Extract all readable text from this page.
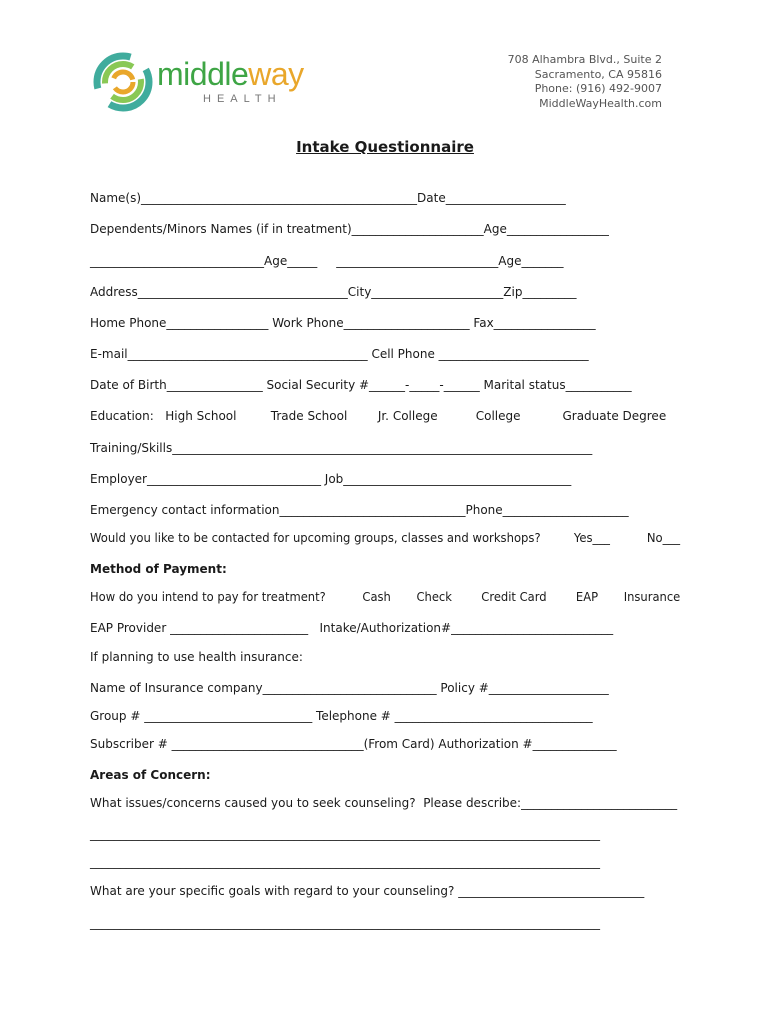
middleway
HEALTH
708 Alhambra Blvd., Suite 2
Sacramento, CA 95816
Phone: (916) 492-9007
MiddleWayHealth.com
Intake Questionnaire
Name(s)______________________________________________Date____________________
Dependents/Minors Names (if in treatment)______________________Age_________________
_____________________________Age_____     ___________________________Age_______
Address___________________________________City______________________Zip_________
Home Phone_________________ Work Phone_____________________ Fax_________________
E-mail________________________________________ Cell Phone _________________________
Date of Birth________________ Social Security #______-_____-______ Marital status___________
Education:   High School         Trade School        Jr. College          College           Graduate Degree
Training/Skills______________________________________________________________________
Employer_____________________________ Job______________________________________
Emergency contact information_______________________________Phone_____________________
Would you like to be contacted for upcoming groups, classes and workshops?         Yes___          No___
Method of Payment:
How do you intend to pay for treatment?          Cash       Check        Credit Card        EAP       Insurance
EAP Provider _______________________   Intake/Authorization#___________________________
If planning to use health insurance:
Name of Insurance company_____________________________ Policy #____________________
Group # ____________________________ Telephone # _________________________________
Subscriber # ________________________________(From Card) Authorization #______________
Areas of Concern:
What issues/concerns caused you to seek counseling?  Please describe:__________________________
_____________________________________________________________________________________
_____________________________________________________________________________________
What are your specific goals with regard to your counseling? _______________________________
_____________________________________________________________________________________
